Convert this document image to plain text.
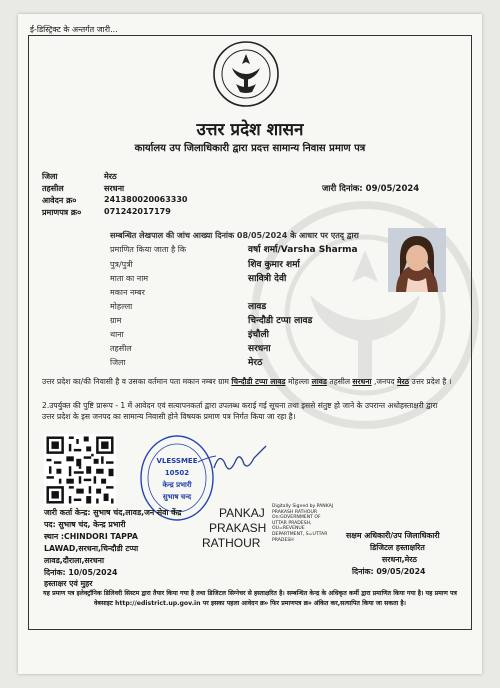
ई-डिस्ट्रिक्ट के अन्तर्गत जारी...
उत्तर प्रदेश शासन
कार्यालय उप जिलाधिकारी द्वारा प्रदत्त सामान्य निवास प्रमाण पत्र
जिला	मेरठ
तहसील	सरधना
आवेदन क्र०	241380020063330
प्रमाणपत्र क्र०	071242017179
जारी दिनांक: 09/05/2024
सम्बन्धित लेखपाल की जांच आख्या दिनांक 08/05/2024 के आधार पर एतद् द्वारा
प्रमाणित किया जाता है कि	वर्षा शर्मा/Varsha Sharma
पुत्र/पुत्री	शिव कुमार शर्मा
माता का नाम	सावित्री देवी
मकान नम्बर
मोहल्ला	लावड
ग्राम	चिन्दौडी टप्पा लावड
थाना	इंचौली
तहसील	सरधना
जिला	मेरठ
उत्तर प्रदेश का/की निवासी है व उसका वर्तमान पता मकान नम्बर ग्राम चिन्दौडी टप्पा लावड मोहल्ला लावड तहसील सरधना ,जनपद मेरठ उत्तर प्रदेश है ।
2.उपर्युक्त की पुष्टि प्रारूप - 1 में आवेदन एवं सत्यापनकर्ता द्वारा उपलब्ध कराई गई सूचना तथा इससे संतुष्ट हो जाने के उपरान्त अधोहस्ताक्षरी द्वारा उत्तर प्रदेश के इस जनपद का सामान्य निवासी होने विषयक प्रमाण पत्र निर्गत किया जा रहा है।
VLESSMEE
10502
केन्द्र प्रभारी
सुभाष चन्द
जारी कर्ता केन्द्र: सुभाष चंद,लावड,जन सेवा केंद्र
पद: सुभाष चंद, केन्द्र प्रभारी
स्थान :CHINDORI TAPPA
LAWAD,सरधना,चिन्दौडी टप्पा
लावड,दौराला,सरधना
दिनांक: 10/05/2024
हस्ताक्षर एवं मुहर
PANKAJ
PRAKASH
RATHOUR
Digitally Signed by PANKAJ PRAKASH RATHOUR On:GOVERNMENT OF UTTAR PRADESH, OU=REVENUE DEPARTMENT, S=UTTAR PRADESH
सक्षम अधिकारी/उप जिलाधिकारी
डिजिटल हस्ताक्षरित
सरधना,मेरठ
दिनांक: 09/05/2024
यह प्रमाण पत्र इलेक्ट्रॉनिक डिलिवरी सिस्टम द्वारा तैयार किया गया है तथा डिजिटल सिग्नेचर से हस्ताक्षरित है। सम्बन्धित केन्द्र के अधिकृत कर्मी द्वारा प्रमाणित किया गया है। यह प्रमाण पत्र वेबसाइट http://edistrict.up.gov.in पर इसका पहला आवेदन क्र० फिर प्रमाणपत्र क्र० अंकित कर,सत्यापित किया जा सकता है।
